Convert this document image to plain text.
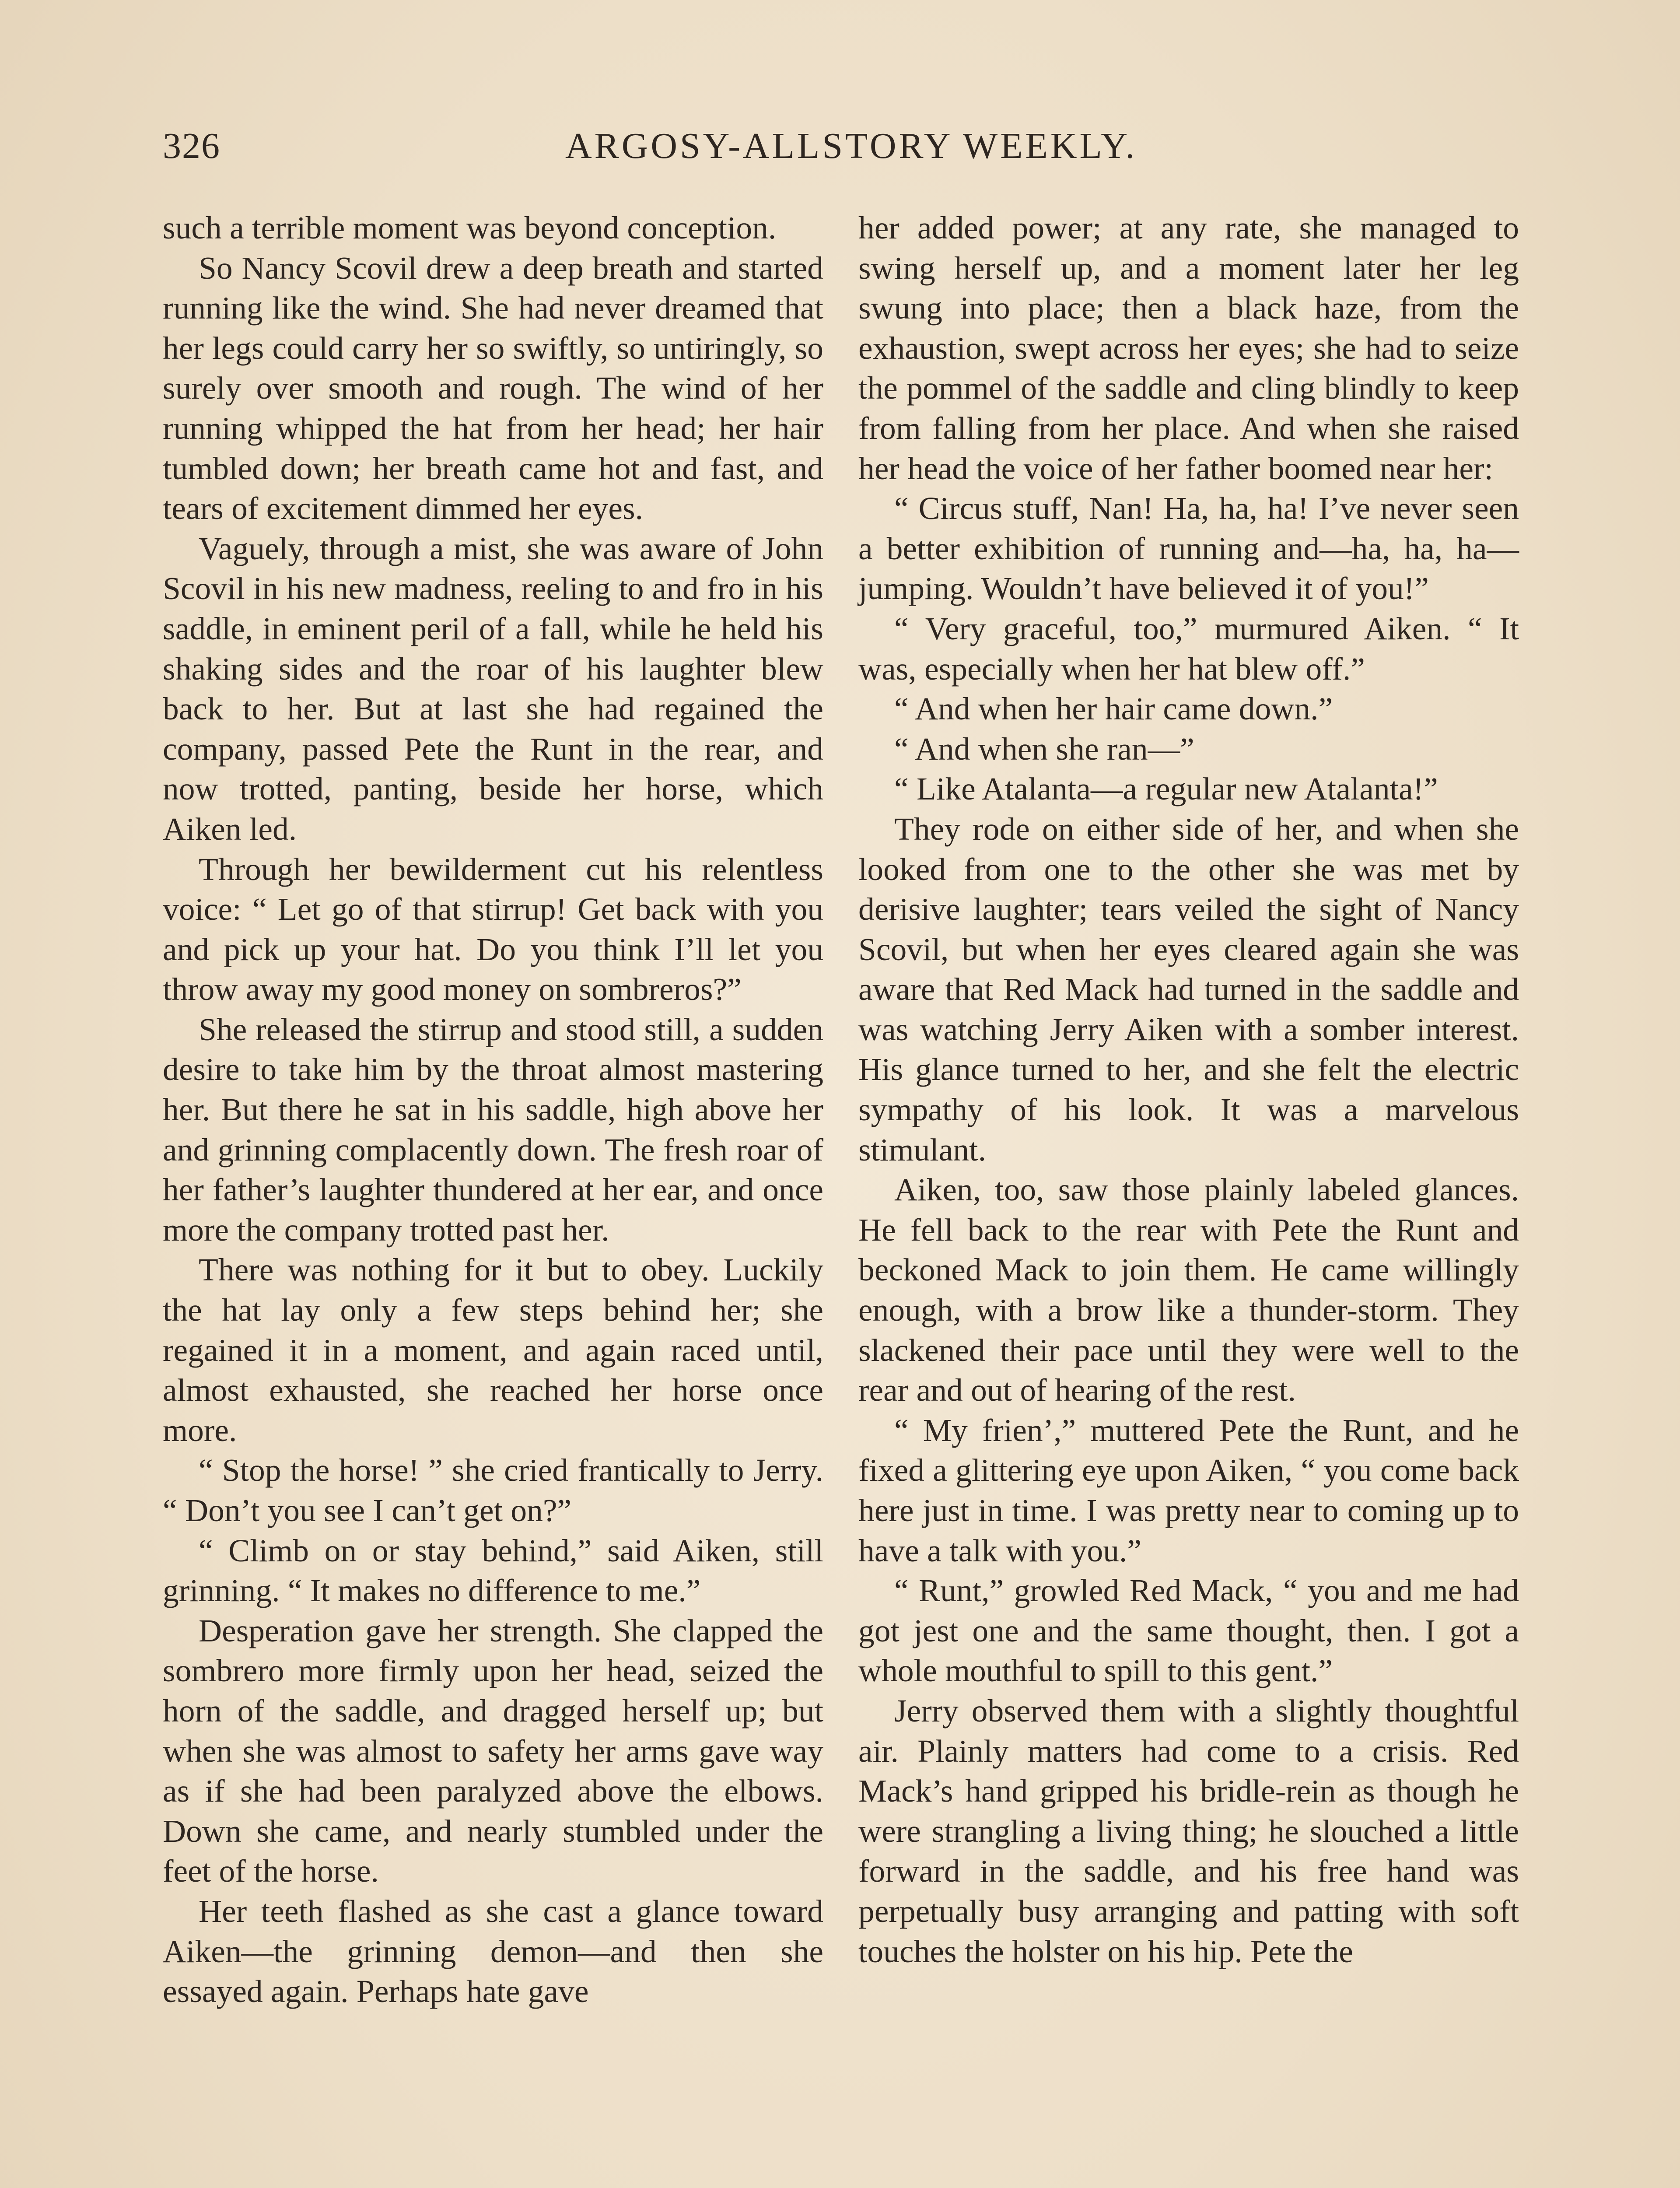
326	ARGOSY-ALLSTORY WEEKLY.

such a terrible moment was beyond conception.

So Nancy Scovil drew a deep breath and started running like the wind. She had never dreamed that her legs could carry her so swiftly, so untiringly, so surely over smooth and rough. The wind of her running whipped the hat from her head; her hair tumbled down; her breath came hot and fast, and tears of excitement dimmed her eyes.

Vaguely, through a mist, she was aware of John Scovil in his new madness, reeling to and fro in his saddle, in eminent peril of a fall, while he held his shaking sides and the roar of his laughter blew back to her. But at last she had regained the company, passed Pete the Runt in the rear, and now trotted, panting, beside her horse, which Aiken led.

Through her bewilderment cut his relentless voice: “ Let go of that stirrup! Get back with you and pick up your hat. Do you think I’ll let you throw away my good money on sombreros?”

She released the stirrup and stood still, a sudden desire to take him by the throat almost mastering her. But there he sat in his saddle, high above her and grinning complacently down. The fresh roar of her father’s laughter thundered at her ear, and once more the company trotted past her.

There was nothing for it but to obey. Luckily the hat lay only a few steps behind her; she regained it in a moment, and again raced until, almost exhausted, she reached her horse once more.

“ Stop the horse! ” she cried frantically to Jerry. “ Don’t you see I can’t get on?”

“ Climb on or stay behind,” said Aiken, still grinning. “ It makes no difference to me.”

Desperation gave her strength. She clapped the sombrero more firmly upon her head, seized the horn of the saddle, and dragged herself up; but when she was almost to safety her arms gave way as if she had been paralyzed above the elbows. Down she came, and nearly stumbled under the feet of the horse.

Her teeth flashed as she cast a glance toward Aiken—the grinning demon—and then she essayed again. Perhaps hate gave

her added power; at any rate, she managed to swing herself up, and a moment later her leg swung into place; then a black haze, from the exhaustion, swept across her eyes; she had to seize the pommel of the saddle and cling blindly to keep from falling from her place. And when she raised her head the voice of her father boomed near her:

“ Circus stuff, Nan! Ha, ha, ha! I’ve never seen a better exhibition of running and—ha, ha, ha—jumping. Wouldn’t have believed it of you!”

“ Very graceful, too,” murmured Aiken. “ It was, especially when her hat blew off.”

“ And when her hair came down.”

“ And when she ran—”

“ Like Atalanta—a regular new Atalanta!”

They rode on either side of her, and when she looked from one to the other she was met by derisive laughter; tears veiled the sight of Nancy Scovil, but when her eyes cleared again she was aware that Red Mack had turned in the saddle and was watching Jerry Aiken with a somber interest. His glance turned to her, and she felt the electric sympathy of his look. It was a marvelous stimulant.

Aiken, too, saw those plainly labeled glances. He fell back to the rear with Pete the Runt and beckoned Mack to join them. He came willingly enough, with a brow like a thunder-storm. They slackened their pace until they were well to the rear and out of hearing of the rest.

“ My frien’,” muttered Pete the Runt, and he fixed a glittering eye upon Aiken, “ you come back here just in time. I was pretty near to coming up to have a talk with you.”

“ Runt,” growled Red Mack, “ you and me had got jest one and the same thought, then. I got a whole mouthful to spill to this gent.”

Jerry observed them with a slightly thoughtful air. Plainly matters had come to a crisis. Red Mack’s hand gripped his bridle-rein as though he were strangling a living thing; he slouched a little forward in the saddle, and his free hand was perpetually busy arranging and patting with soft touches the holster on his hip. Pete the
